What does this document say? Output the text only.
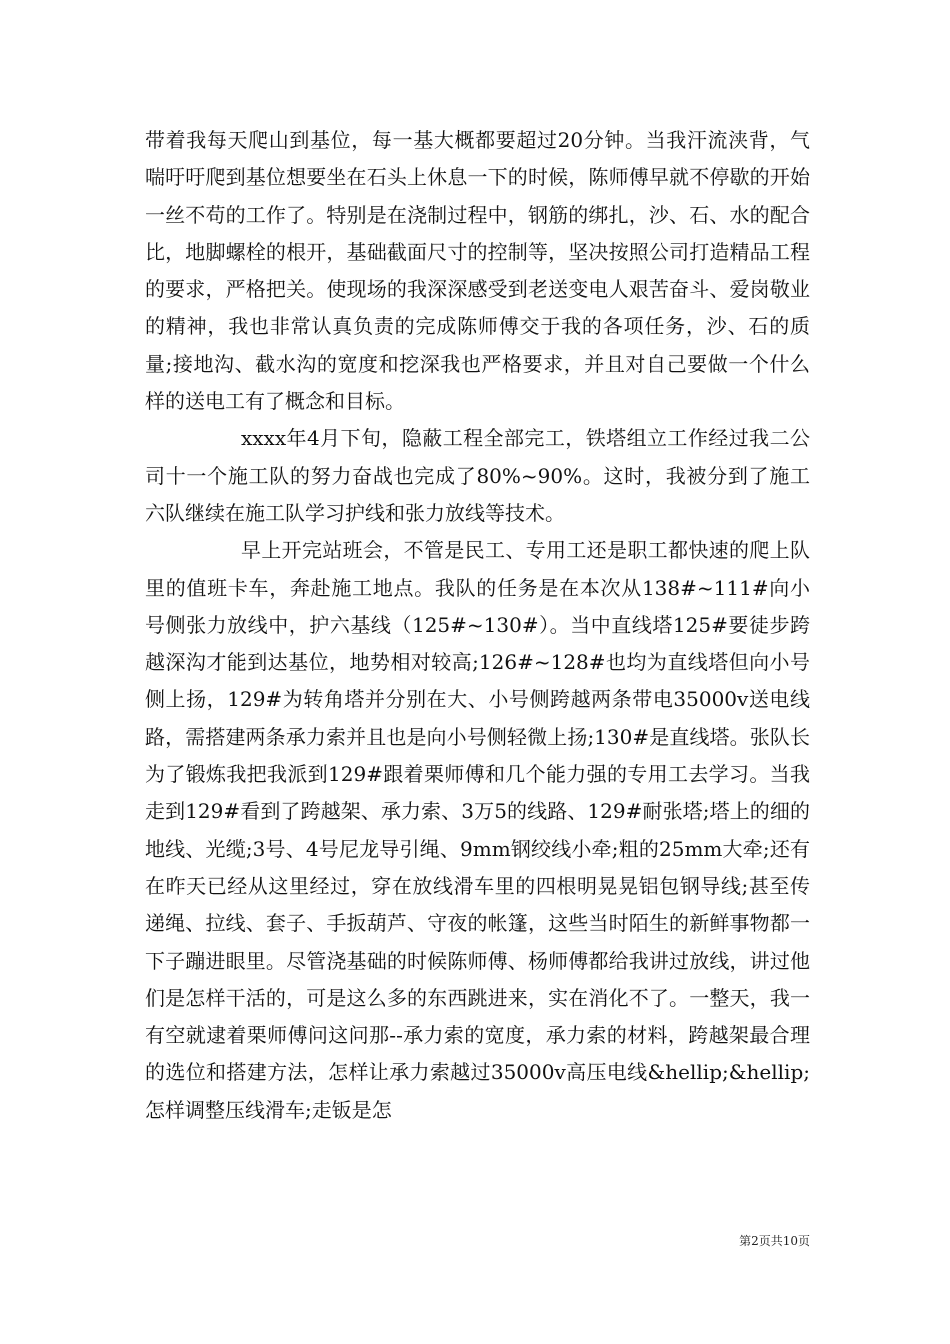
带着我每天爬山到基位，每一基大概都要超过20分钟。当我汗流浃背，气喘吁吁爬到基位想要坐在石头上休息一下的时候，陈师傅早就不停歇的开始一丝不苟的工作了。特别是在浇制过程中，钢筋的绑扎，沙、石、水的配合比，地脚螺栓的根开，基础截面尺寸的控制等，坚决按照公司打造精品工程的要求，严格把关。使现场的我深深感受到老送变电人艰苦奋斗、爱岗敬业的精神，我也非常认真负责的完成陈师傅交于我的各项任务，沙、石的质量;接地沟、截水沟的宽度和挖深我也严格要求，并且对自己要做一个什么样的送电工有了概念和目标。

xxxx年4月下旬，隐蔽工程全部完工，铁塔组立工作经过我二公司十一个施工队的努力奋战也完成了80%~90%。这时，我被分到了施工六队继续在施工队学习护线和张力放线等技术。

早上开完站班会，不管是民工、专用工还是职工都快速的爬上队里的值班卡车，奔赴施工地点。我队的任务是在本次从138#~111#向小号侧张力放线中，护六基线（125#~130#）。当中直线塔125#要徒步跨越深沟才能到达基位，地势相对较高;126#~128#也均为直线塔但向小号侧上扬，129#为转角塔并分别在大、小号侧跨越两条带电35000v送电线路，需搭建两条承力索并且也是向小号侧轻微上扬;130#是直线塔。张队长为了锻炼我把我派到129#跟着栗师傅和几个能力强的专用工去学习。当我走到129#看到了跨越架、承力索、3万5的线路、129#耐张塔;塔上的细的地线、光缆;3号、4号尼龙导引绳、9mm钢绞线小牵;粗的25mm大牵;还有在昨天已经从这里经过，穿在放线滑车里的四根明晃晃铝包钢导线;甚至传递绳、拉线、套子、手扳葫芦、守夜的帐篷，这些当时陌生的新鲜事物都一下子蹦进眼里。尽管浇基础的时候陈师傅、杨师傅都给我讲过放线，讲过他们是怎样干活的，可是这么多的东西跳进来，实在消化不了。一整天，我一有空就逮着栗师傅问这问那--承力索的宽度，承力索的材料，跨越架最合理的选位和搭建方法，怎样让承力索越过35000v高压电线&hellip;&hellip;怎样调整压线滑车;走钣是怎

第2页共10页
